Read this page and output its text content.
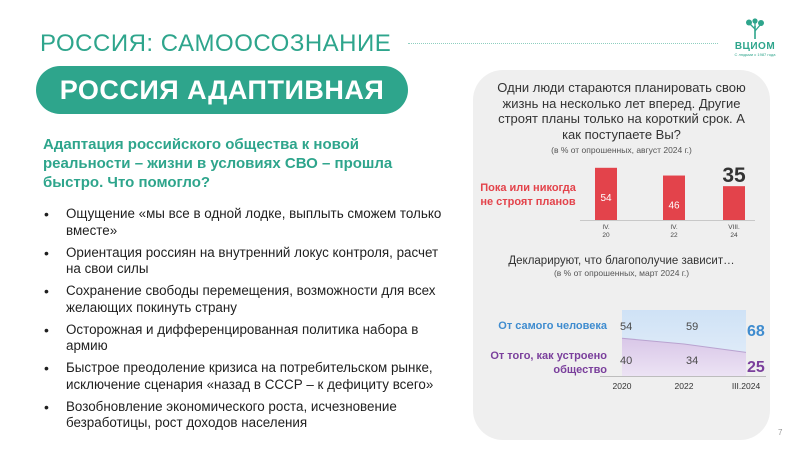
РОССИЯ: САМООСОЗНАНИЕ	ВЦИОМ
С людьми с 1987 года
РОССИЯ АДАПТИВНАЯ
Адаптация российского общества к новой реальности – жизни в условиях СВО – прошла быстро. Что помогло?
• Ощущение «мы все в одной лодке, выплыть сможем только вместе»
• Ориентация россиян на внутренний локус контроля, расчет на свои силы
• Сохранение свободы перемещения, возможности для всех желающих покинуть страну
• Осторожная и дифференцированная политика набора в армию
• Быстрое преодоление кризиса на потребительском рынке, исключение сценария «назад в СССР – к дефициту всего»
• Возобновление экономического роста, исчезновение безработицы, рост доходов населения
Одни люди стараются планировать свою жизнь на несколько лет вперед. Другие строят планы только на короткий срок. А как поступаете Вы?
(в % от опрошенных, август 2024 г.)
Пока или никогда не строят планов	54
IV.
20
46
IV.
22
35
VIII.
24
Декларируют, что благополучие зависит…
(в % от опрошенных, март 2024 г.)
От самого человека
От того, как устроено общество
54	59	68
40	34	25
2020	2022	III.2024
7
